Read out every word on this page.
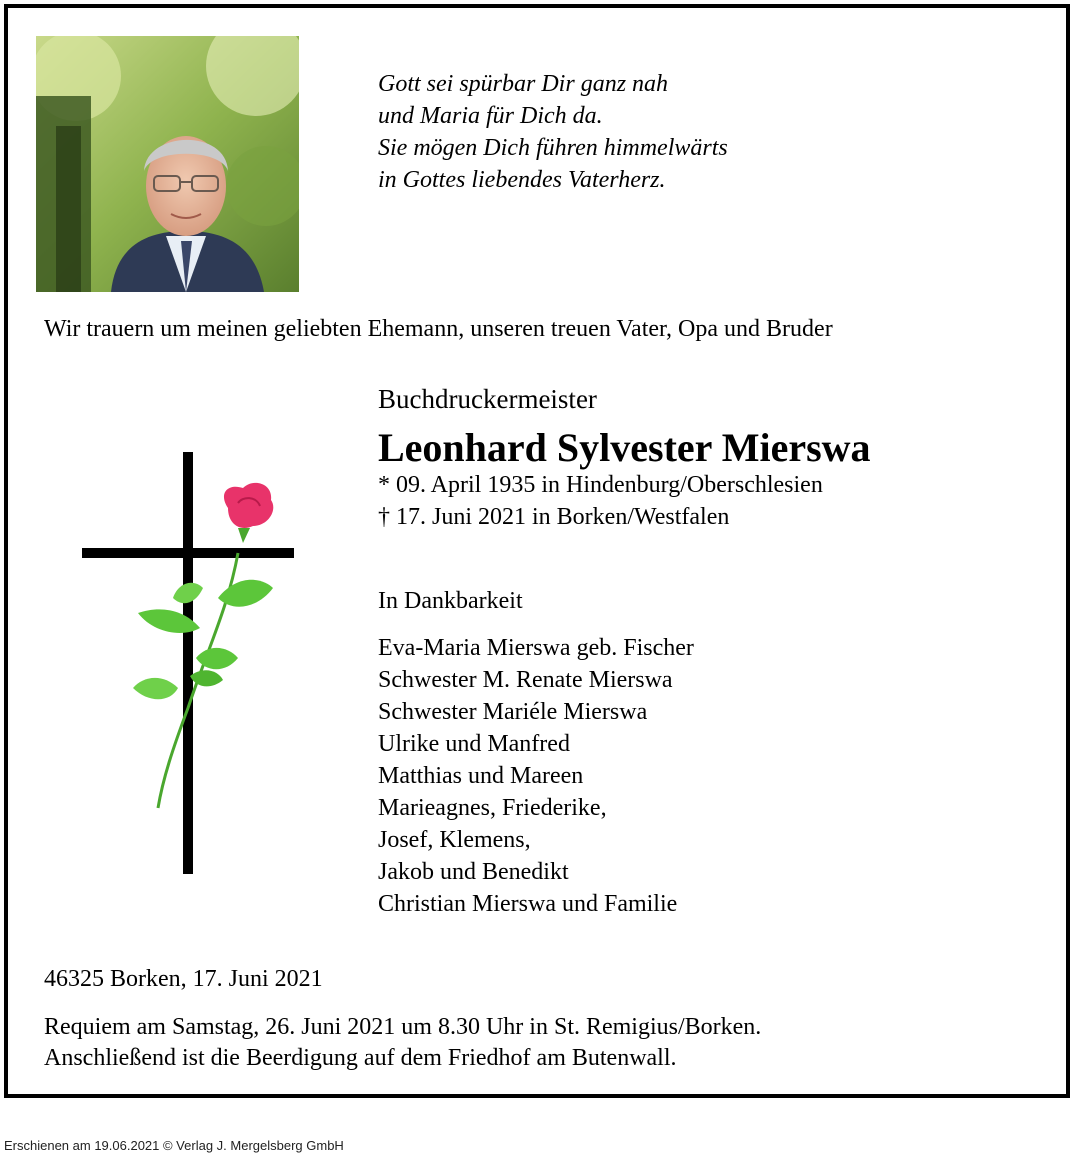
Gott sei spürbar Dir ganz nah
und Maria für Dich da.
Sie mögen Dich führen himmelwärts
in Gottes liebendes Vaterherz.
Wir trauern um meinen geliebten Ehemann, unseren treuen Vater, Opa und Bruder
Buchdruckermeister
Leonhard Sylvester Mierswa
* 09. April 1935 in Hindenburg/Oberschlesien
† 17. Juni 2021 in Borken/Westfalen
In Dankbarkeit
Eva-Maria Mierswa geb. Fischer
Schwester M. Renate Mierswa
Schwester Mariéle Mierswa
Ulrike und Manfred
Matthias und Mareen
Marieagnes, Friederike,
Josef, Klemens,
Jakob und Benedikt
Christian Mierswa und Familie
46325 Borken, 17. Juni 2021
Requiem am Samstag, 26. Juni 2021 um 8.30 Uhr in St. Remigius/Borken.
Anschließend ist die Beerdigung auf dem Friedhof am Butenwall.
Erschienen am 19.06.2021 © Verlag J. Mergelsberg GmbH
